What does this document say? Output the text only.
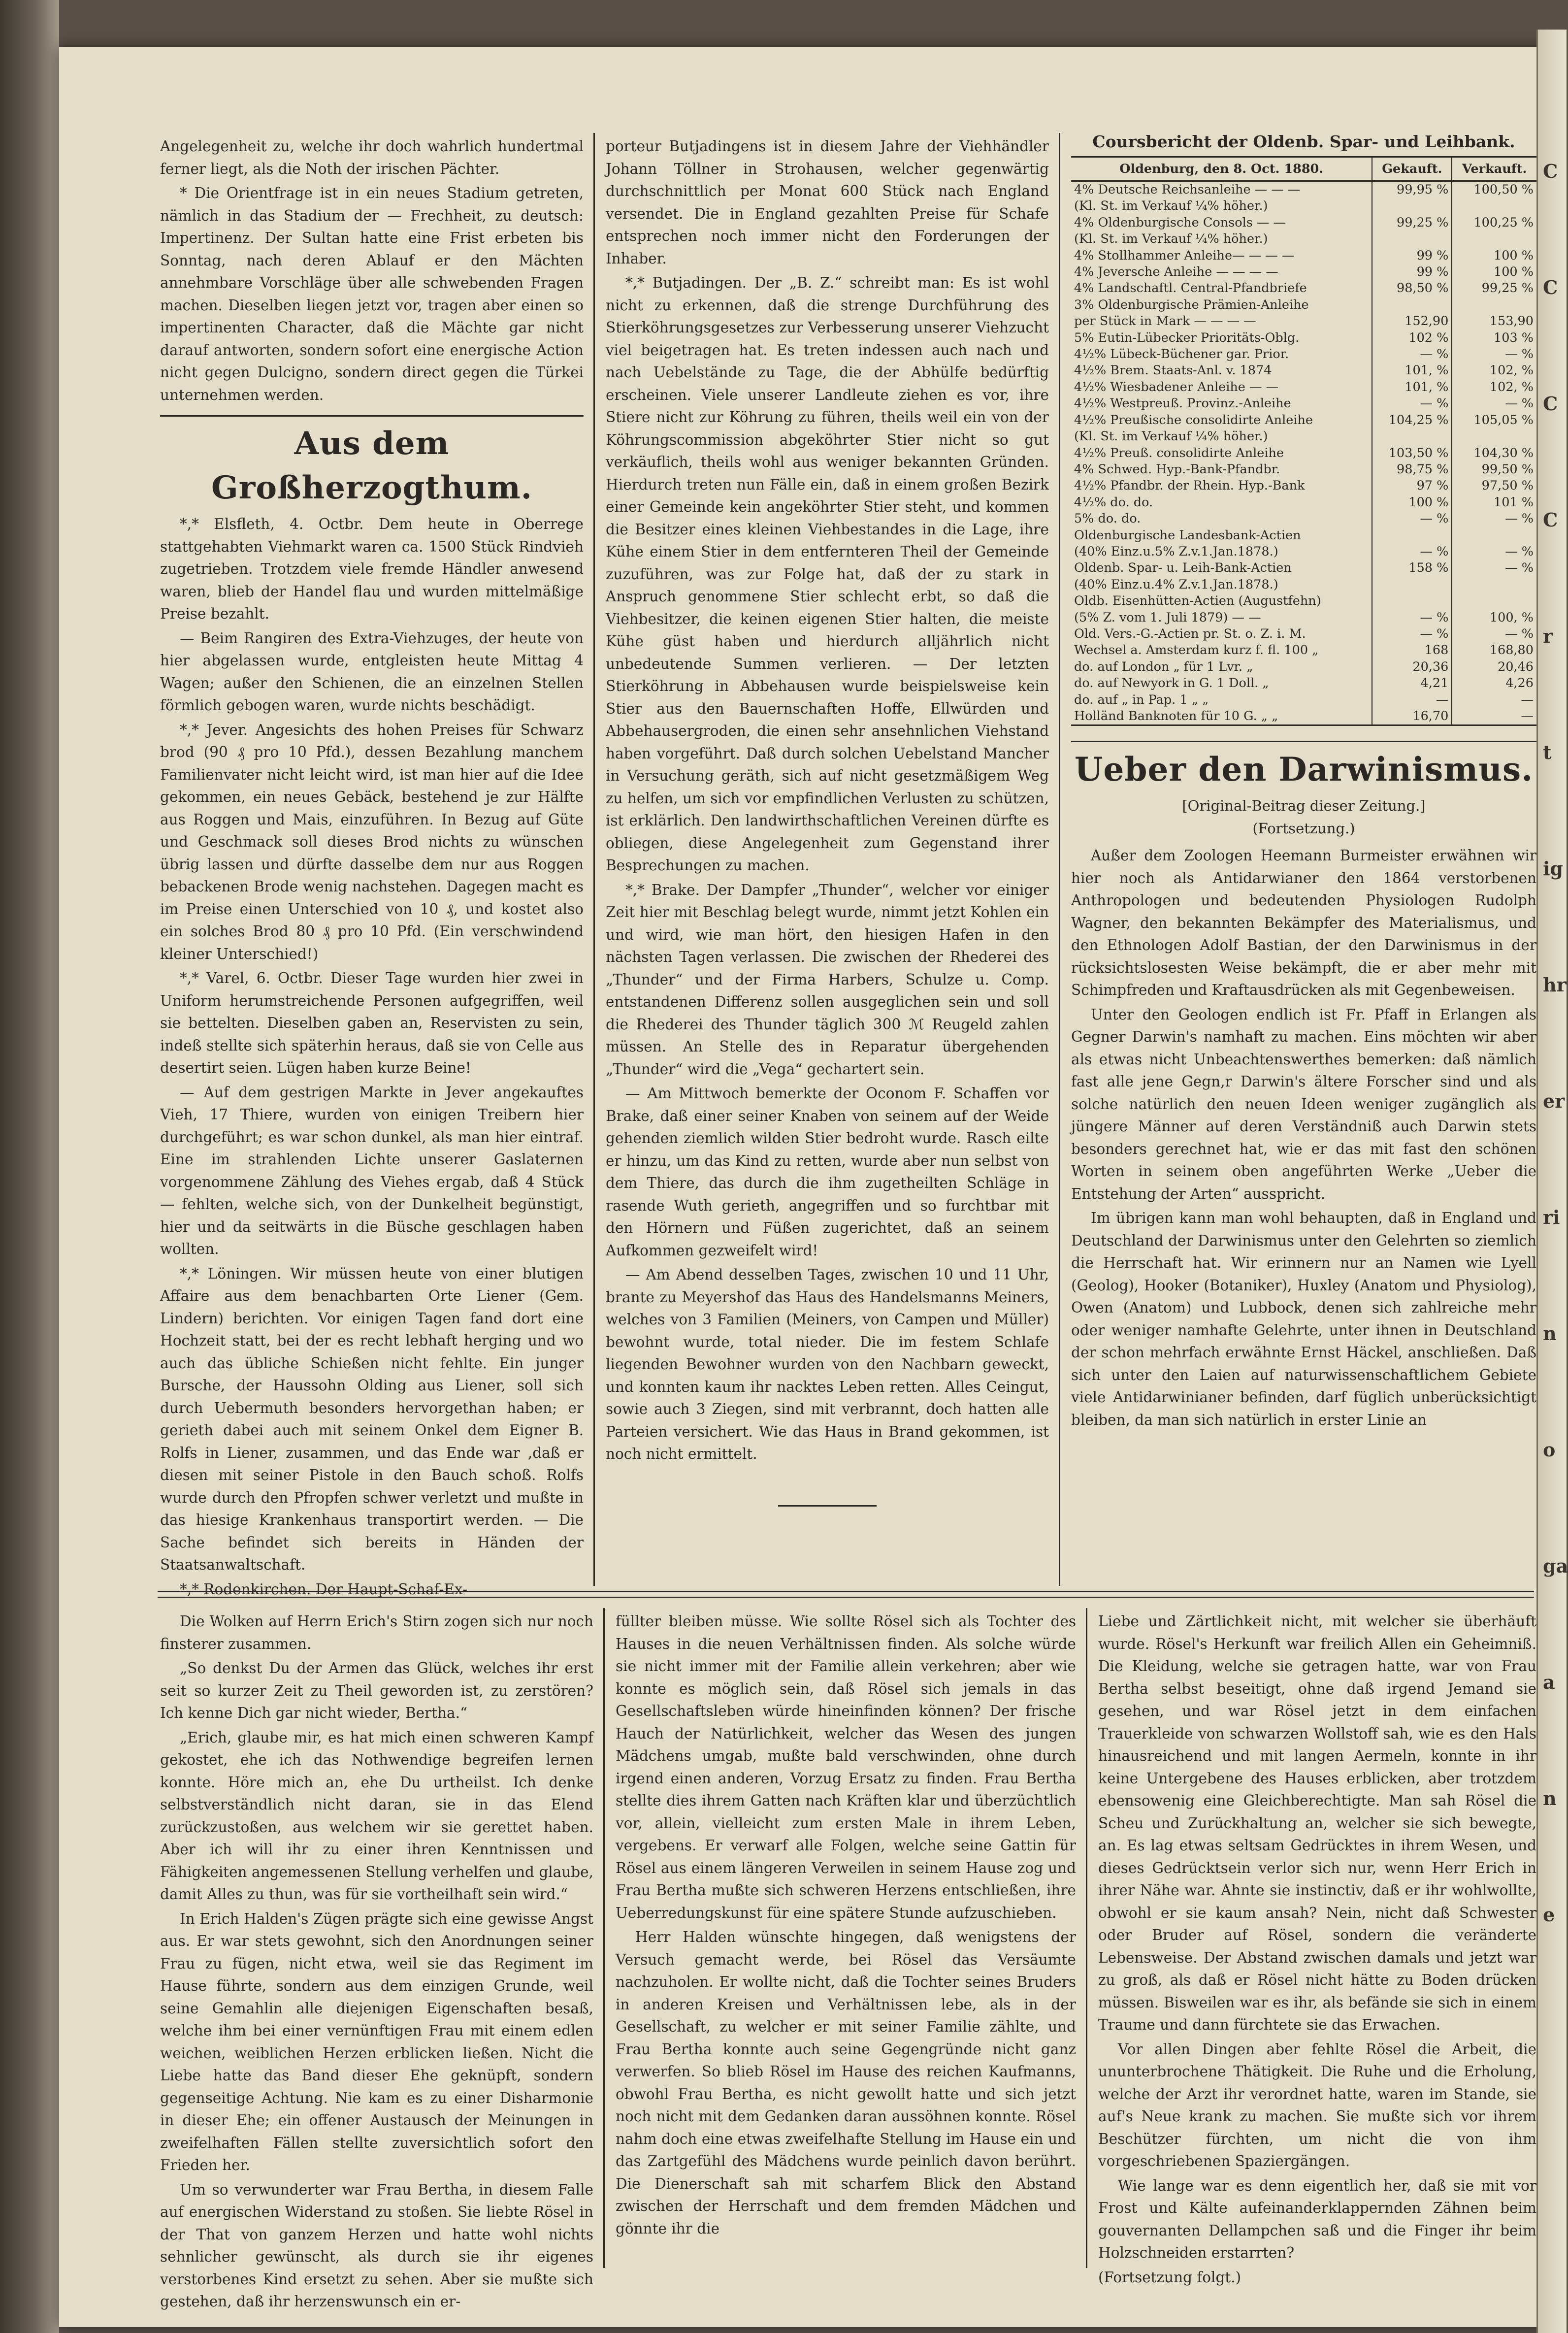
Angelegenheit zu, welche ihr doch wahrlich hundertmal ferner liegt, als die Noth der irischen Pächter.

* Die Orientfrage ist in ein neues Stadium getreten, nämlich in das Stadium der — Frechheit, zu deutsch: Impertinenz. Der Sultan hatte eine Frist erbeten bis Sonntag, nach deren Ablauf er den Mächten annehmbare Vorschläge über alle schwebenden Fragen machen. Dieselben liegen jetzt vor, tragen aber einen so impertinenten Character, daß die Mächte gar nicht darauf antworten, sondern sofort eine energische Action nicht gegen Dulcigno, sondern direct gegen die Türkei unternehmen werden.

Aus dem Großherzogthum.

*,* Elsfleth, 4. Octbr. Dem heute in Oberrege stattgehabten Viehmarkt waren ca. 1500 Stück Rindvieh zugetrieben. Trotzdem viele fremde Händler anwesend waren, blieb der Handel flau und wurden mittelmäßige Preise bezahlt.

— Beim Rangiren des Extra-Viehzuges, der heute von hier abgelassen wurde, entgleisten heute Mittag 4 Wagen; außer den Schienen, die an einzelnen Stellen förmlich gebogen waren, wurde nichts beschädigt.

*,* Jever. Angesichts des hohen Preises für Schwarz brod (90 ₰ pro 10 Pfd.), dessen Bezahlung manchem Familienvater nicht leicht wird, ist man hier auf die Idee gekommen, ein neues Gebäck, bestehend je zur Hälfte aus Roggen und Mais, einzuführen. In Bezug auf Güte und Geschmack soll dieses Brod nichts zu wünschen übrig lassen und dürfte dasselbe dem nur aus Roggen bebackenen Brode wenig nachstehen. Dagegen macht es im Preise einen Unterschied von 10 ₰, und kostet also ein solches Brod 80 ₰ pro 10 Pfd. (Ein verschwindend kleiner Unterschied!)

*,* Varel, 6. Octbr. Dieser Tage wurden hier zwei in Uniform herumstreichende Personen aufgegriffen, weil sie bettelten. Dieselben gaben an, Reservisten zu sein, indeß stellte sich späterhin heraus, daß sie von Celle aus desertirt seien. Lügen haben kurze Beine!

— Auf dem gestrigen Markte in Jever angekauftes Vieh, 17 Thiere, wurden von einigen Treibern hier durchgeführt; es war schon dunkel, als man hier eintraf. Eine im strahlenden Lichte unserer Gaslaternen vorgenommene Zählung des Viehes ergab, daß 4 Stück — fehlten, welche sich, von der Dunkelheit begünstigt, hier und da seitwärts in die Büsche geschlagen haben wollten.

*,* Löningen. Wir müssen heute von einer blutigen Affaire aus dem benachbarten Orte Liener (Gem. Lindern) berichten. Vor einigen Tagen fand dort eine Hochzeit statt, bei der es recht lebhaft herging und wo auch das übliche Schießen nicht fehlte. Ein junger Bursche, der Haussohn Olding aus Liener, soll sich durch Uebermuth besonders hervorgethan haben; er gerieth dabei auch mit seinem Onkel dem Eigner B. Rolfs in Liener, zusammen, und das Ende war ,daß er diesen mit seiner Pistole in den Bauch schoß. Rolfs wurde durch den Pfropfen schwer verletzt und mußte in das hiesige Krankenhaus transportirt werden. — Die Sache befindet sich bereits in Händen der Staatsanwaltschaft.

*,* Rodenkirchen. Der Haupt-Schaf-Ex-

porteur Butjadingens ist in diesem Jahre der Viehhändler Johann Töllner in Strohausen, welcher gegenwärtig durchschnittlich per Monat 600 Stück nach England versendet. Die in England gezahlten Preise für Schafe entsprechen noch immer nicht den Forderungen der Inhaber.

*,* Butjadingen. Der „B. Z.“ schreibt man: Es ist wohl nicht zu erkennen, daß die strenge Durchführung des Stierköhrungsgesetzes zur Verbesserung unserer Viehzucht viel beigetragen hat. Es treten indessen auch nach und nach Uebelstände zu Tage, die der Abhülfe bedürftig erscheinen. Viele unserer Landleute ziehen es vor, ihre Stiere nicht zur Köhrung zu führen, theils weil ein von der Köhrungscommission abgeköhrter Stier nicht so gut verkäuflich, theils wohl aus weniger bekannten Gründen. Hierdurch treten nun Fälle ein, daß in einem großen Bezirk einer Gemeinde kein angeköhrter Stier steht, und kommen die Besitzer eines kleinen Viehbestandes in die Lage, ihre Kühe einem Stier in dem entfernteren Theil der Gemeinde zuzuführen, was zur Folge hat, daß der zu stark in Anspruch genommene Stier schlecht erbt, so daß die Viehbesitzer, die keinen eigenen Stier halten, die meiste Kühe güst haben und hierdurch alljährlich nicht unbedeutende Summen verlieren. — Der letzten Stierköhrung in Abbehausen wurde beispielsweise kein Stier aus den Bauernschaften Hoffe, Ellwürden und Abbehausergroden, die einen sehr ansehnlichen Viehstand haben vorgeführt. Daß durch solchen Uebelstand Mancher in Versuchung geräth, sich auf nicht gesetzmäßigem Weg zu helfen, um sich vor empfindlichen Verlusten zu schützen, ist erklärlich. Den landwirthschaftlichen Vereinen dürfte es obliegen, diese Angelegenheit zum Gegenstand ihrer Besprechungen zu machen.

*,* Brake. Der Dampfer „Thunder“, welcher vor einiger Zeit hier mit Beschlag belegt wurde, nimmt jetzt Kohlen ein und wird, wie man hört, den hiesigen Hafen in den nächsten Tagen verlassen. Die zwischen der Rhederei des „Thunder“ und der Firma Harbers, Schulze u. Comp. entstandenen Differenz sollen ausgeglichen sein und soll die Rhederei des Thunder täglich 300 ℳ Reugeld zahlen müssen. An Stelle des in Reparatur übergehenden „Thunder“ wird die „Vega“ gechartert sein.

— Am Mittwoch bemerkte der Oconom F. Schaffen vor Brake, daß einer seiner Knaben von seinem auf der Weide gehenden ziemlich wilden Stier bedroht wurde. Rasch eilte er hinzu, um das Kind zu retten, wurde aber nun selbst von dem Thiere, das durch die ihm zugetheilten Schläge in rasende Wuth gerieth, angegriffen und so furchtbar mit den Hörnern und Füßen zugerichtet, daß an seinem Aufkommen gezweifelt wird!

— Am Abend desselben Tages, zwischen 10 und 11 Uhr, brante zu Meyershof das Haus des Handelsmanns Meiners, welches von 3 Familien (Meiners, von Campen und Müller) bewohnt wurde, total nieder. Die im festem Schlafe liegenden Bewohner wurden von den Nachbarn geweckt, und konnten kaum ihr nacktes Leben retten. Alles Ceingut, sowie auch 3 Ziegen, sind mit verbrannt, doch hatten alle Parteien versichert. Wie das Haus in Brand gekommen, ist noch nicht ermittelt.

Coursbericht der Oldenb. Spar- und Leihbank.
Oldenburg, den 8. Oct. 1880.	Gekauft.	Verkauft.
4% Deutsche Reichsanleihe — — —	99,95 %	100,50 %
(Kl. St. im Verkauf ¼% höher.)		
4% Oldenburgische Consols — —	99,25 %	100,25 %
(Kl. St. im Verkauf ¼% höher.)		
4% Stollhammer Anleihe— — — —	99 %	100 %
4% Jeversche Anleihe — — — —	99 %	100 %
4% Landschaftl. Central-Pfandbriefe	98,50 %	99,25 %
3% Oldenburgische Prämien-Anleihe		
per Stück in Mark — — — —	152,90	153,90
5% Eutin-Lübecker Prioritäts-Oblg.	102 %	103 %
4½% Lübeck-Büchener gar. Prior.	— %	— %
4½% Brem. Staats-Anl. v. 1874	101, %	102, %
4½% Wiesbadener Anleihe — —	101, %	102, %
4½% Westpreuß. Provinz.-Anleihe	— %	— %
4½% Preußische consolidirte Anleihe	104,25 %	105,05 %
(Kl. St. im Verkauf ¼% höher.)		
4½% Preuß. consolidirte Anleihe	103,50 %	104,30 %
4% Schwed. Hyp.-Bank-Pfandbr.	98,75 %	99,50 %
4½% Pfandbr. der Rhein. Hyp.-Bank	97 %	97,50 %
4½% do. do.	100 %	101 %
5% do. do.	— %	— %
Oldenburgische Landesbank-Actien		
(40% Einz.u.5% Z.v.1.Jan.1878.)	— %	— %
Oldenb. Spar- u. Leih-Bank-Actien	158 %	— %
(40% Einz.u.4% Z.v.1.Jan.1878.)		
Oldb. Eisenhütten-Actien (Augustfehn)		
(5% Z. vom 1. Juli 1879) — —	— %	100, %
Old. Vers.-G.-Actien pr. St. o. Z. i. M.	— %	— %
Wechsel a. Amsterdam kurz f. fl. 100 „	168	168,80
do. auf London „ für 1 Lvr. „	20,36	20,46
do. auf Newyork in G. 1 Doll. „	4,21	4,26
do. auf „ in Pap. 1 „ „	—	—
Holländ Banknoten für 10 G. „ „	16,70	—
Ueber den Darwinismus.
[Original-Beitrag dieser Zeitung.]
(Fortsetzung.)

Außer dem Zoologen Heemann Burmeister erwähnen wir hier noch als Antidarwianer den 1864 verstorbenen Anthropologen und bedeutenden Physiologen Rudolph Wagner, den bekannten Bekämpfer des Materialismus, und den Ethnologen Adolf Bastian, der den Darwinismus in der rücksichtslosesten Weise bekämpft, die er aber mehr mit Schimpfreden und Kraftausdrücken als mit Gegenbeweisen.

Unter den Geologen endlich ist Fr. Pfaff in Erlangen als Gegner Darwin's namhaft zu machen. Eins möchten wir aber als etwas nicht Unbeachtenswerthes bemerken: daß nämlich fast alle jene Gegn,r Darwin's ältere Forscher sind und als solche natürlich den neuen Ideen weniger zugänglich als jüngere Männer auf deren Verständniß auch Darwin stets besonders gerechnet hat, wie er das mit fast den schönen Worten in seinem oben angeführten Werke „Ueber die Entstehung der Arten“ ausspricht.

Im übrigen kann man wohl behaupten, daß in England und Deutschland der Darwinismus unter den Gelehrten so ziemlich die Herrschaft hat. Wir erinnern nur an Namen wie Lyell (Geolog), Hooker (Botaniker), Huxley (Anatom und Physiolog), Owen (Anatom) und Lubbock, denen sich zahlreiche mehr oder weniger namhafte Gelehrte, unter ihnen in Deutschland der schon mehrfach erwähnte Ernst Häckel, anschließen. Daß sich unter den Laien auf naturwissenschaftlichem Gebiete viele Antidarwinianer befinden, darf füglich unberücksichtigt bleiben, da man sich natürlich in erster Linie an

Die Wolken auf Herrn Erich's Stirn zogen sich nur noch finsterer zusammen.

„So denkst Du der Armen das Glück, welches ihr erst seit so kurzer Zeit zu Theil geworden ist, zu zerstören? Ich kenne Dich gar nicht wieder, Bertha.“

„Erich, glaube mir, es hat mich einen schweren Kampf gekostet, ehe ich das Nothwendige begreifen lernen konnte. Höre mich an, ehe Du urtheilst. Ich denke selbstverständlich nicht daran, sie in das Elend zurückzustoßen, aus welchem wir sie gerettet haben. Aber ich will ihr zu einer ihren Kenntnissen und Fähigkeiten angemessenen Stellung verhelfen und glaube, damit Alles zu thun, was für sie vortheilhaft sein wird.“

In Erich Halden's Zügen prägte sich eine gewisse Angst aus. Er war stets gewohnt, sich den Anordnungen seiner Frau zu fügen, nicht etwa, weil sie das Regiment im Hause führte, sondern aus dem einzigen Grunde, weil seine Gemahlin alle diejenigen Eigenschaften besaß, welche ihm bei einer vernünftigen Frau mit einem edlen weichen, weiblichen Herzen erblicken ließen. Nicht die Liebe hatte das Band dieser Ehe geknüpft, sondern gegenseitige Achtung. Nie kam es zu einer Disharmonie in dieser Ehe; ein offener Austausch der Meinungen in zweifelhaften Fällen stellte zuversichtlich sofort den Frieden her.

Um so verwunderter war Frau Bertha, in diesem Falle auf energischen Widerstand zu stoßen. Sie liebte Rösel in der That von ganzem Herzen und hatte wohl nichts sehnlicher gewünscht, als durch sie ihr eigenes verstorbenes Kind ersetzt zu sehen. Aber sie mußte sich gestehen, daß ihr herzenswunsch ein er-

füllter bleiben müsse. Wie sollte Rösel sich als Tochter des Hauses in die neuen Verhältnissen finden. Als solche würde sie nicht immer mit der Familie allein verkehren; aber wie konnte es möglich sein, daß Rösel sich jemals in das Gesellschaftsleben würde hineinfinden können? Der frische Hauch der Natürlichkeit, welcher das Wesen des jungen Mädchens umgab, mußte bald verschwinden, ohne durch irgend einen anderen, Vorzug Ersatz zu finden. Frau Bertha stellte dies ihrem Gatten nach Kräften klar und überzüchtlich vor, allein, vielleicht zum ersten Male in ihrem Leben, vergebens. Er verwarf alle Folgen, welche seine Gattin für Rösel aus einem längeren Verweilen in seinem Hause zog und Frau Bertha mußte sich schweren Herzens entschließen, ihre Ueberredungskunst für eine spätere Stunde aufzuschieben.

Herr Halden wünschte hingegen, daß wenigstens der Versuch gemacht werde, bei Rösel das Versäumte nachzuholen. Er wollte nicht, daß die Tochter seines Bruders in anderen Kreisen und Verhältnissen lebe, als in der Gesellschaft, zu welcher er mit seiner Familie zählte, und Frau Bertha konnte auch seine Gegengründe nicht ganz verwerfen. So blieb Rösel im Hause des reichen Kaufmanns, obwohl Frau Bertha, es nicht gewollt hatte und sich jetzt noch nicht mit dem Gedanken daran aussöhnen konnte. Rösel nahm doch eine etwas zweifelhafte Stellung im Hause ein und das Zartgefühl des Mädchens wurde peinlich davon berührt. Die Dienerschaft sah mit scharfem Blick den Abstand zwischen der Herrschaft und dem fremden Mädchen und gönnte ihr die

Liebe und Zärtlichkeit nicht, mit welcher sie überhäuft wurde. Rösel's Herkunft war freilich Allen ein Geheimniß. Die Kleidung, welche sie getragen hatte, war von Frau Bertha selbst beseitigt, ohne daß irgend Jemand sie gesehen, und war Rösel jetzt in dem einfachen Trauerkleide von schwarzen Wollstoff sah, wie es den Hals hinausreichend und mit langen Aermeln, konnte in ihr keine Untergebene des Hauses erblicken, aber trotzdem ebensowenig eine Gleichberechtigte. Man sah Rösel die Scheu und Zurückhaltung an, welcher sie sich bewegte, an. Es lag etwas seltsam Gedrücktes in ihrem Wesen, und dieses Gedrücktsein verlor sich nur, wenn Herr Erich in ihrer Nähe war. Ahnte sie instinctiv, daß er ihr wohlwollte, obwohl er sie kaum ansah? Nein, nicht daß Schwester oder Bruder auf Rösel, sondern die veränderte Lebensweise. Der Abstand zwischen damals und jetzt war zu groß, als daß er Rösel nicht hätte zu Boden drücken müssen. Bisweilen war es ihr, als befände sie sich in einem Traume und dann fürchtete sie das Erwachen.

Vor allen Dingen aber fehlte Rösel die Arbeit, die ununterbrochene Thätigkeit. Die Ruhe und die Erholung, welche der Arzt ihr verordnet hatte, waren im Stande, sie auf's Neue krank zu machen. Sie mußte sich vor ihrem Beschützer fürchten, um nicht die von ihm vorgeschriebenen Spaziergängen.

Wie lange war es denn eigentlich her, daß sie mit vor Frost und Kälte aufeinanderklappernden Zähnen beim gouvernanten Dellampchen saß und die Finger ihr beim Holzschneiden erstarrten?

(Fortsetzung folgt.)

C
C
C
C
r
t
ig
hr
er
ri
n
o
ga
a
n
e
